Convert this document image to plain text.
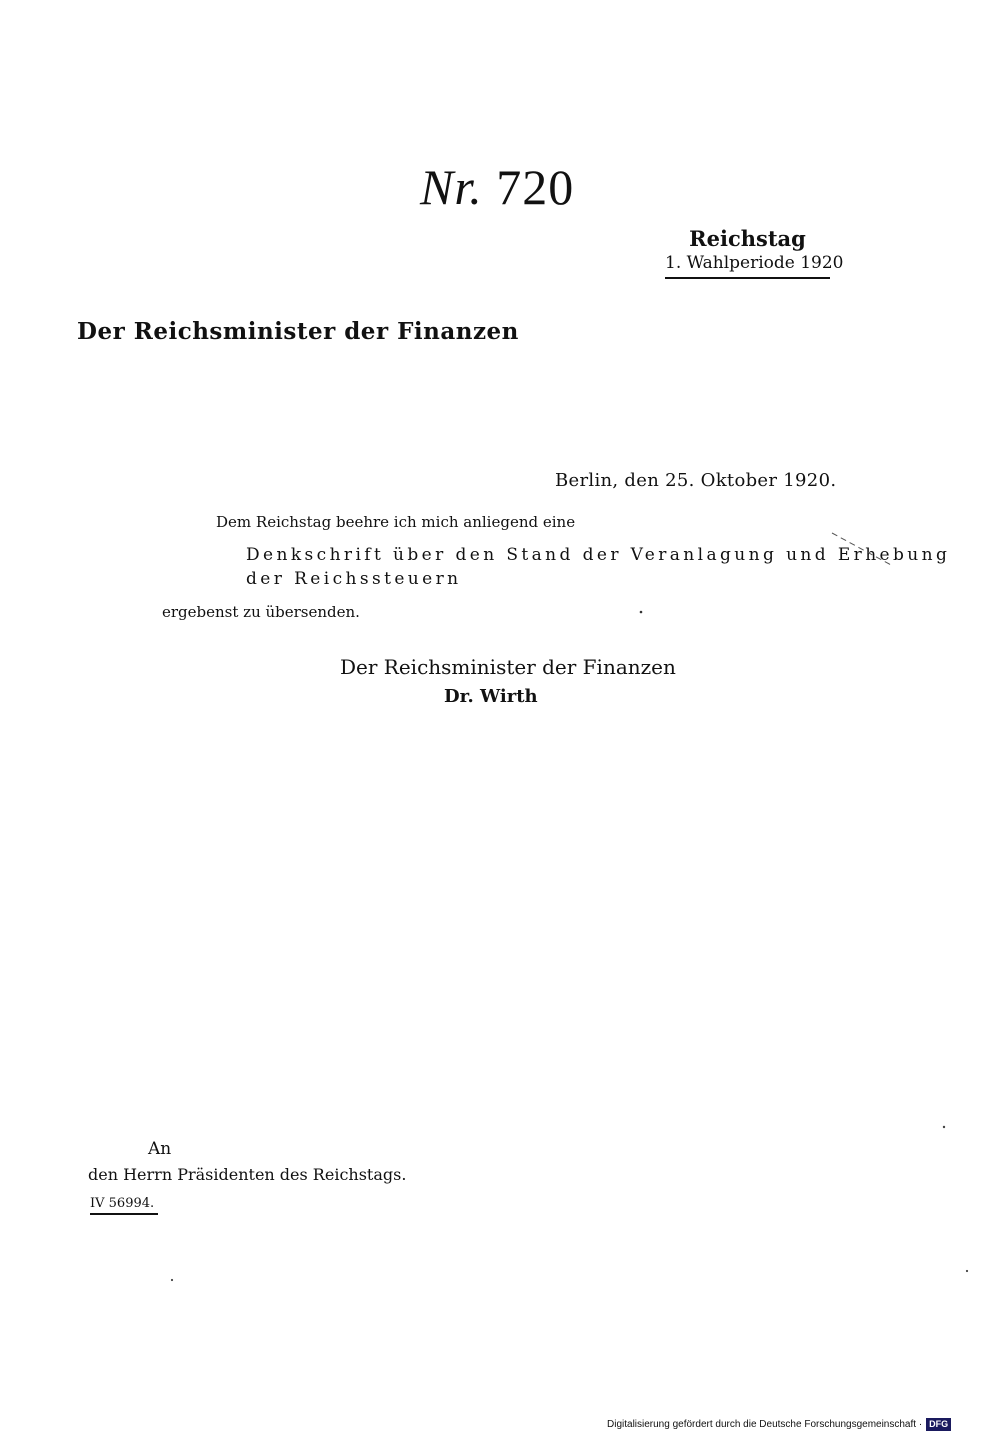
Nr. 720
Reichstag
1. Wahlperiode 1920
Der Reichsminister der Finanzen
Berlin, den 25. Oktober 1920.
Dem Reichstag beehre ich mich anliegend eine
Denkschrift über den Stand der Veranlagung und Erhebung
der Reichssteuern
ergebenst zu übersenden.
Der Reichsminister der Finanzen
Dr. Wirth
An
den Herrn Präsidenten des Reichstags.
IV 56994.
Digitalisierung gefördert durch die Deutsche Forschungsgemeinschaft · DFG
